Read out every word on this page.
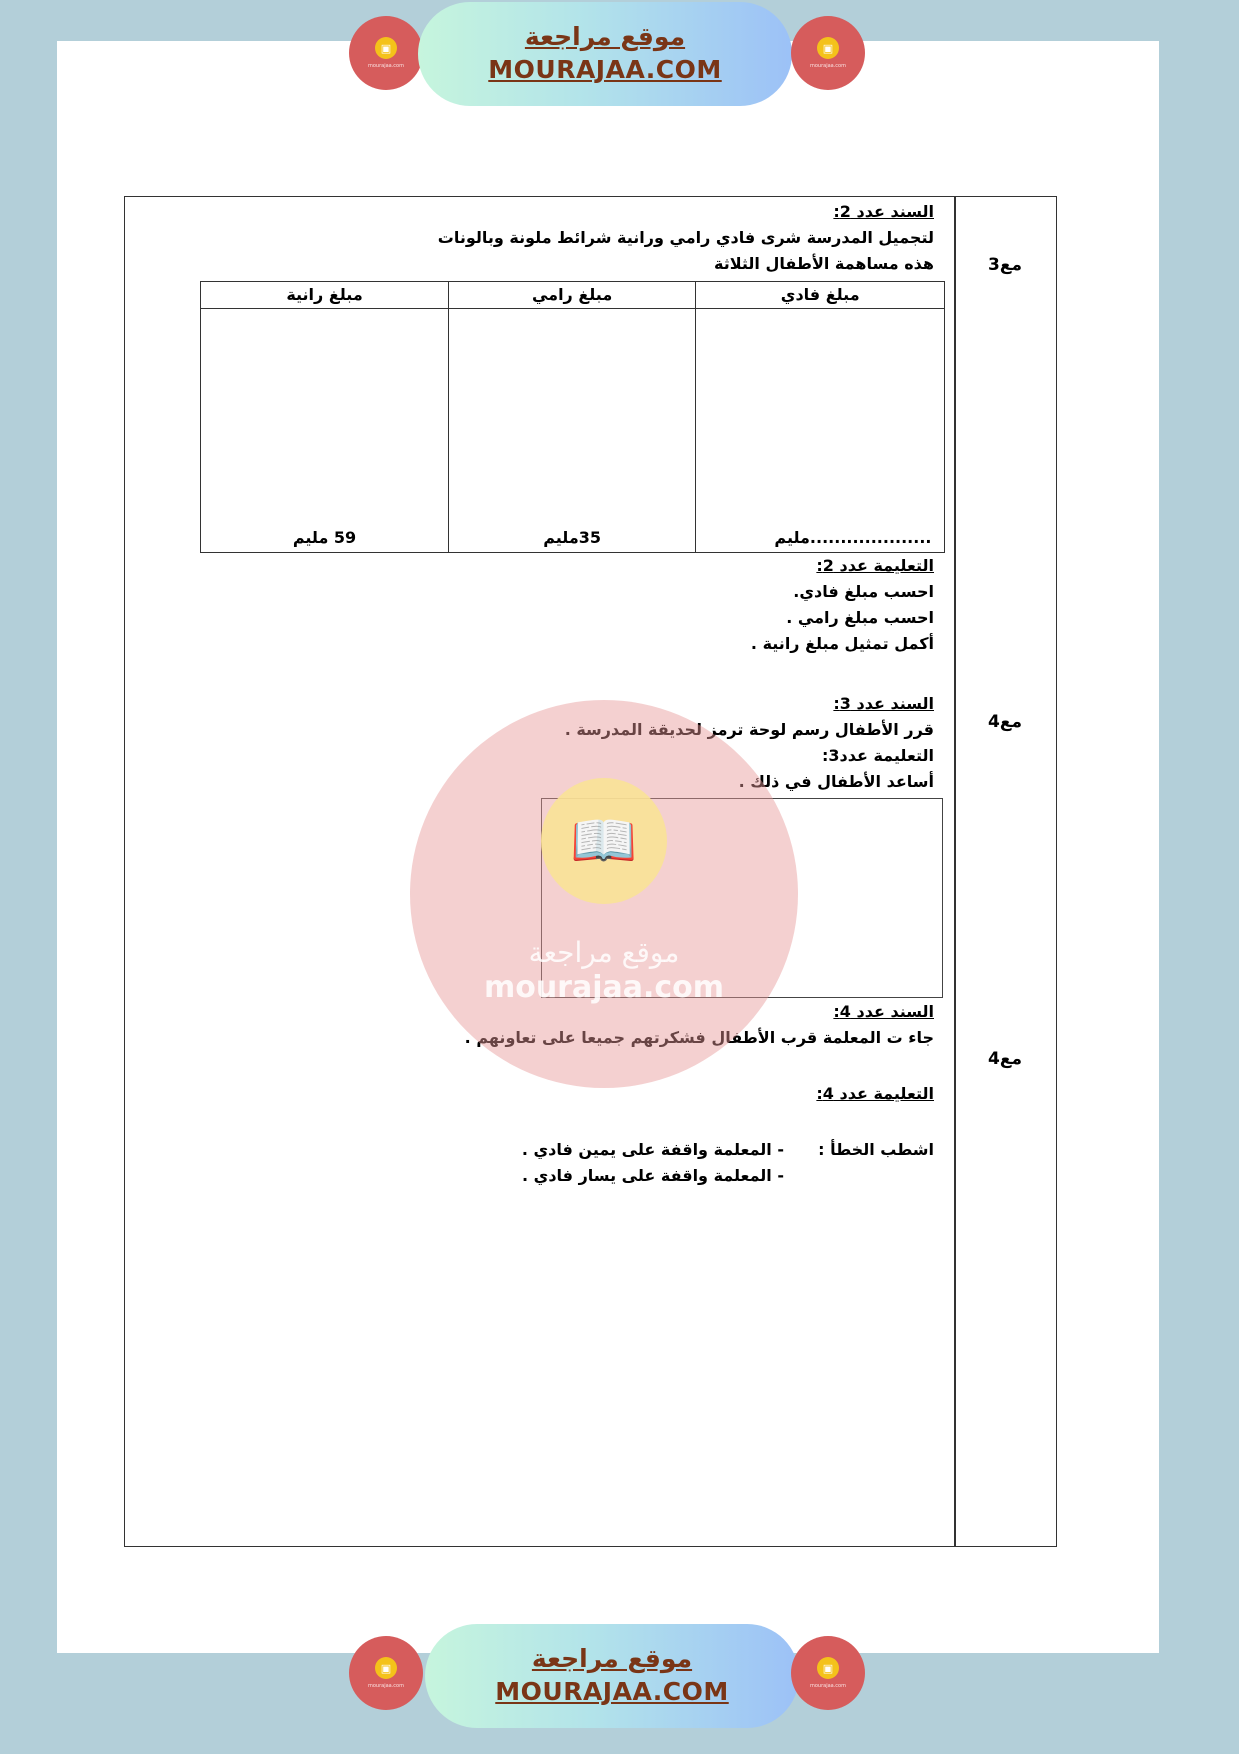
▣
mourajaa.com
موقع مراجعة
MOURAJAA.COM
▣
mourajaa.com
مع3
مع4
مع4
السند عدد 2:
لتجميل المدرسة شرى فادي رامي ورانية شرائط ملونة وبالونات
هذه مساهمة الأطفال الثلاثة
مبلغ فادي
....................مليم
مبلغ رامي
35مليم
مبلغ رانية
59 مليم
التعليمة عدد 2:
احسب مبلغ فادي.
احسب مبلغ رامي .
أكمل تمثيل مبلغ رانية .
السند عدد 3:
قرر الأطفال رسم لوحة ترمز لحديقة المدرسة .
التعليمة عدد3:
أساعد الأطفال في ذلك .
السند عدد 4:
جاء ت المعلمة قرب الأطفال فشكرتهم جميعا على تعاونهم .
التعليمة عدد 4:
اشطب الخطأ :
- المعلمة واقفة على يمين فادي .
- المعلمة واقفة على يسار فادي .
📖
موقع مراجعة
mourajaa.com
▣
mourajaa.com
موقع مراجعة
MOURAJAA.COM
▣
mourajaa.com
